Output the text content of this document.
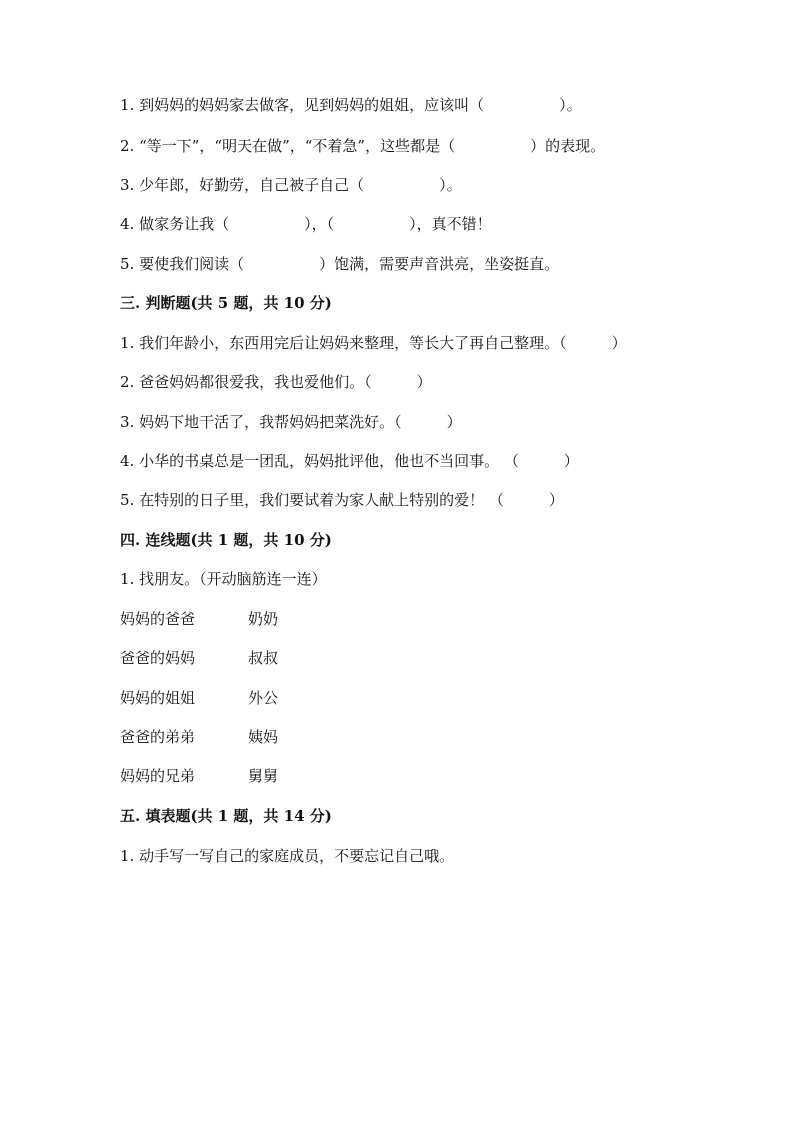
1. 到妈妈的妈妈家去做客，见到妈妈的姐姐，应该叫（　　　　　）。

2. “等一下”，“明天在做”，“不着急”，这些都是（　　　　　）的表现。

3. 少年郎，好勤劳，自己被子自己（　　　　　）。

4. 做家务让我（　　　　　），（　　　　　），真不错！

5. 要使我们阅读（　　　　　）饱满，需要声音洪亮，坐姿挺直。

三. 判断题(共 5 题，共 10 分)

1. 我们年龄小，东西用完后让妈妈来整理，等长大了再自己整理。（　　　）

2. 爸爸妈妈都很爱我，我也爱他们。（　　　）

3. 妈妈下地干活了，我帮妈妈把菜洗好。（　　　）

4. 小华的书桌总是一团乱，妈妈批评他，他也不当回事。 （　　　）

5. 在特别的日子里，我们要试着为家人献上特别的爱！ （　　　）

四. 连线题(共 1 题，共 10 分)

1. 找朋友。（开动脑筋连一连）

妈妈的爸爸
爸爸的妈妈
妈妈的姐姐
爸爸的弟弟
妈妈的兄弟
奶奶
叔叔
外公
姨妈
舅舅

五. 填表题(共 1 题，共 14 分)

1. 动手写一写自己的家庭成员，不要忘记自己哦。
